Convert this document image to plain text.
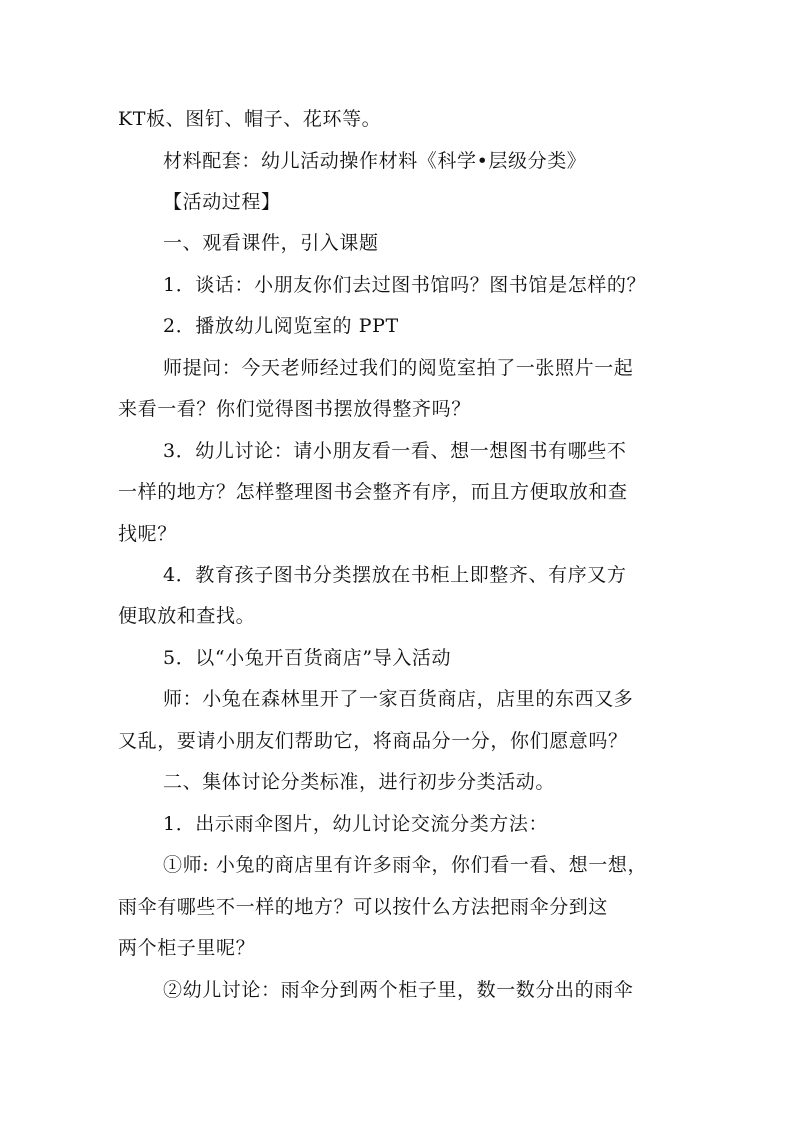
KT板、图钉、帽子、花环等。
材料配套：幼儿活动操作材料《科学•层级分类》
【活动过程】
一、观看课件，引入课题
1．谈话：小朋友你们去过图书馆吗？图书馆是怎样的？
2．播放幼儿阅览室的 PPT
师提问：今天老师经过我们的阅览室拍了一张照片一起
来看一看？你们觉得图书摆放得整齐吗？
3．幼儿讨论：请小朋友看一看、想一想图书有哪些不
一样的地方？怎样整理图书会整齐有序，而且方便取放和查
找呢？
4．教育孩子图书分类摆放在书柜上即整齐、有序又方
便取放和查找。
5．以“小兔开百货商店”导入活动
师：小兔在森林里开了一家百货商店，店里的东西又多
又乱，要请小朋友们帮助它，将商品分一分，你们愿意吗？
二、集体讨论分类标准，进行初步分类活动。
1．出示雨伞图片，幼儿讨论交流分类方法：
①师: 小兔的商店里有许多雨伞，你们看一看、想一想，
雨伞有哪些不一样的地方？可以按什么方法把雨伞分到这
两个柜子里呢？
②幼儿讨论：雨伞分到两个柜子里，数一数分出的雨伞
